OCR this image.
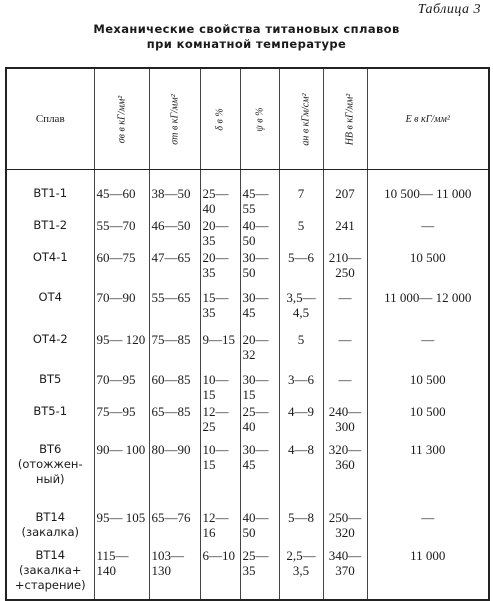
Таблица 3
Механические свойства титановых сплавов
при комнатной температуре
Сплав	σв в кГ/мм²	σт в кГ/мм²	δ в %	ψ в %	aн в кГм/см²	HB в кГ/мм²	E в кГ/мм²
ВТ1-1	45—60	38—50	25—40	45—55	7	207	10 500— 11 000
ВТ1-2	55—70	46—50	20—35	40—50	5	241	—
ОТ4-1	60—75	47—65	20—35	30—50	5—6	210— 250	10 500
ОТ4	70—90	55—65	15—35	30—45	3,5— 4,5	—	11 000— 12 000
ОТ4-2	95— 120	75—85	9—15	20—32	5	—	—
ВТ5	70—95	60—85	10—15	30—15	3—6	—	10 500
ВТ5-1	75—95	65—85	12—25	25—40	4—9	240— 300	10 500
ВТ6 (отожжен- ный)	90— 100	80—90	10—15	30—45	4—8	320— 360	11 300
ВТ14 (закалка)	95— 105	65—76	12—16	40—50	5—8	250— 320	—
ВТ14 (закалка+ +старение)	115— 140	103— 130	6—10	25—35	2,5— 3,5	340— 370	11 000
